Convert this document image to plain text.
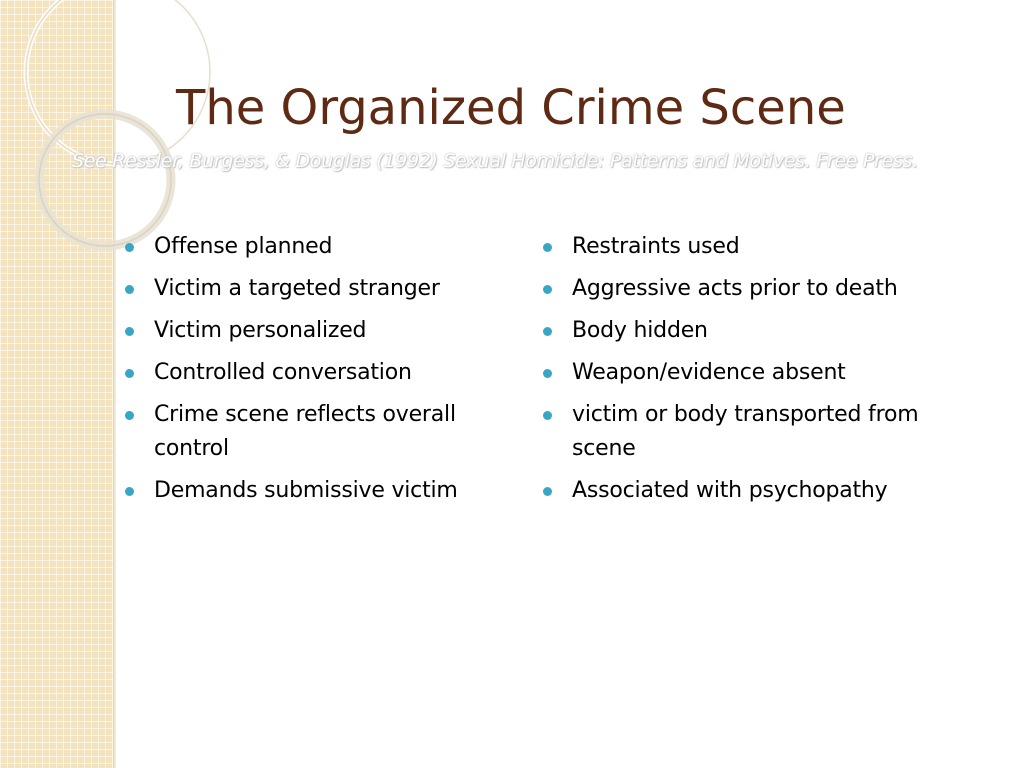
The Organized Crime Scene
See Ressler, Burgess, & Douglas (1992) Sexual Homicide: Patterns and Motives. Free Press.
Offense planned
Victim a targeted stranger
Victim personalized
Controlled conversation
Crime scene reflects overall control
Demands submissive victim
Restraints used
Aggressive acts prior to death
Body hidden
Weapon/evidence absent
victim or body transported from scene
Associated with psychopathy
